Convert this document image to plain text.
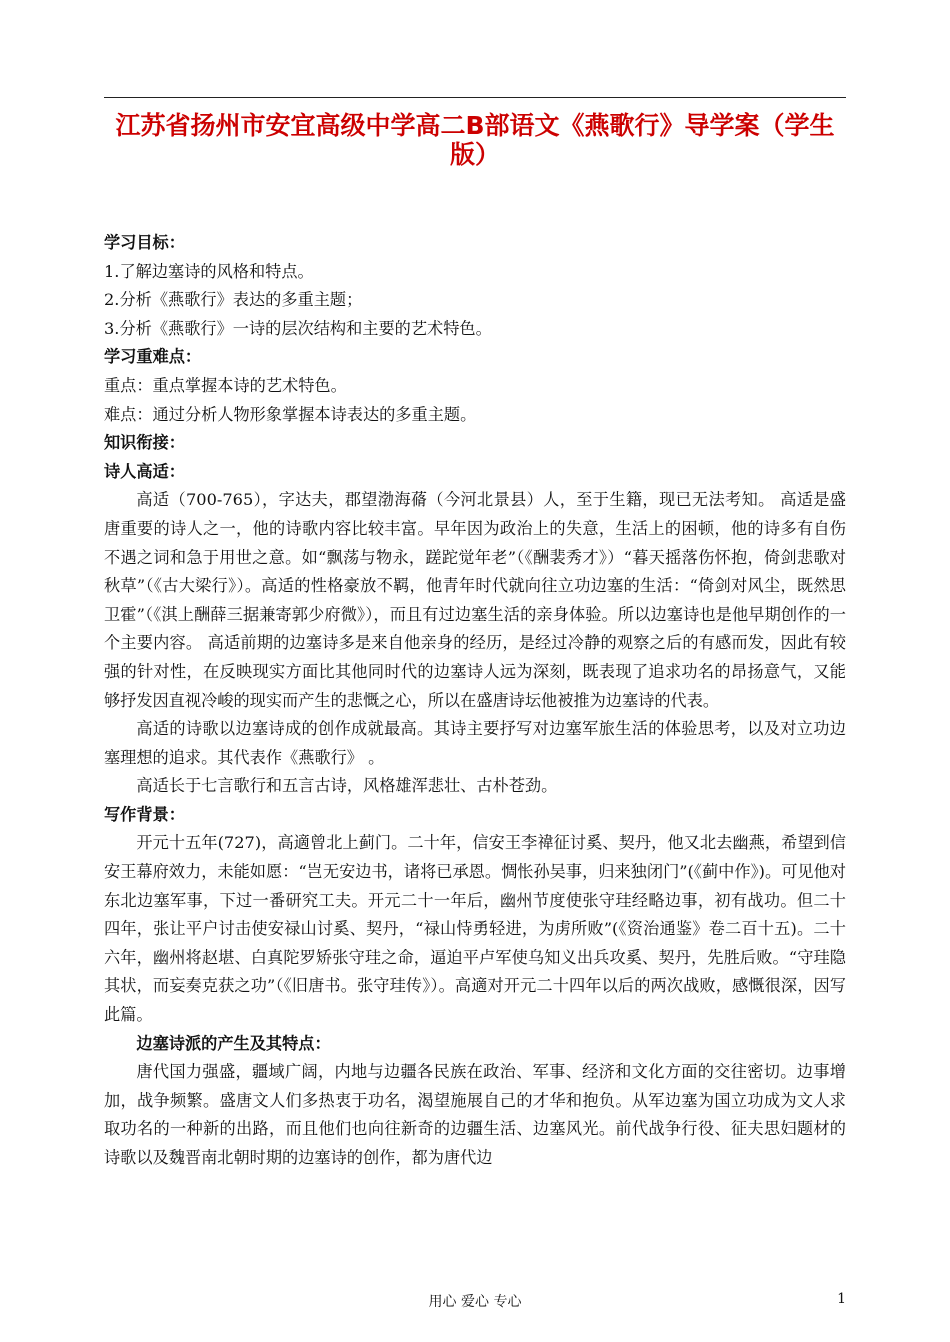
江苏省扬州市安宜高级中学高二B部语文《燕歌行》导学案（学生版）

学习目标：

1.了解边塞诗的风格和特点。

2.分析《燕歌行》表达的多重主题；

3.分析《燕歌行》一诗的层次结构和主要的艺术特色。

学习重难点：

重点：重点掌握本诗的艺术特色。

难点：通过分析人物形象掌握本诗表达的多重主题。

知识衔接：

诗人高适：

高适（700-765），字达夫，郡望渤海蓨（今河北景县）人，至于生籍，现已无法考知。 高适是盛唐重要的诗人之一，他的诗歌内容比较丰富。早年因为政治上的失意，生活上的困顿，他的诗多有自伤不遇之词和急于用世之意。如“飘荡与物永，蹉跎觉年老”（《酬裴秀才》）“暮天摇落伤怀抱，倚剑悲歌对秋草”（《古大梁行》）。高适的性格豪放不羁，他青年时代就向往立功边塞的生活：“倚剑对风尘，既然思卫霍”（《淇上酬薛三据兼寄郭少府微》），而且有过边塞生活的亲身体验。所以边塞诗也是他早期创作的一个主要内容。 高适前期的边塞诗多是来自他亲身的经历，是经过冷静的观察之后的有感而发，因此有较强的针对性，在反映现实方面比其他同时代的边塞诗人远为深刻，既表现了追求功名的昂扬意气，又能够抒发因直视冷峻的现实而产生的悲慨之心，所以在盛唐诗坛他被推为边塞诗的代表。

高适的诗歌以边塞诗成的创作成就最高。其诗主要抒写对边塞军旅生活的体验思考，以及对立功边塞理想的追求。其代表作《燕歌行》 。

高适长于七言歌行和五言古诗，风格雄浑悲壮、古朴苍劲。

写作背景：

开元十五年(727)，高適曾北上蓟门。二十年，信安王李禕征讨奚、契丹，他又北去幽燕，希望到信安王幕府效力，未能如愿：“岂无安边书，诸将已承恩。惆怅孙吴事，归来独闭门”(《蓟中作》)。可见他对东北边塞军事，下过一番研究工夫。开元二十一年后，幽州节度使张守珪经略边事，初有战功。但二十四年，张让平户讨击使安禄山讨奚、契丹，“禄山恃勇轻进，为虏所败”(《资治通鉴》卷二百十五)。二十六年，幽州将赵堪、白真陀罗矫张守珪之命，逼迫平卢军使乌知义出兵攻奚、契丹，先胜后败。“守珪隐其状，而妄奏克获之功”（《旧唐书。张守珪传》）。高適对开元二十四年以后的两次战败，感慨很深，因写此篇。

边塞诗派的产生及其特点：

唐代国力强盛，疆域广阔，内地与边疆各民族在政治、军事、经济和文化方面的交往密切。边事增加，战争频繁。盛唐文人们多热衷于功名，渴望施展自己的才华和抱负。从军边塞为国立功成为文人求取功名的一种新的出路，而且他们也向往新奇的边疆生活、边塞风光。前代战争行役、征夫思妇题材的诗歌以及魏晋南北朝时期的边塞诗的创作，都为唐代边

用心 爱心 专心	1
